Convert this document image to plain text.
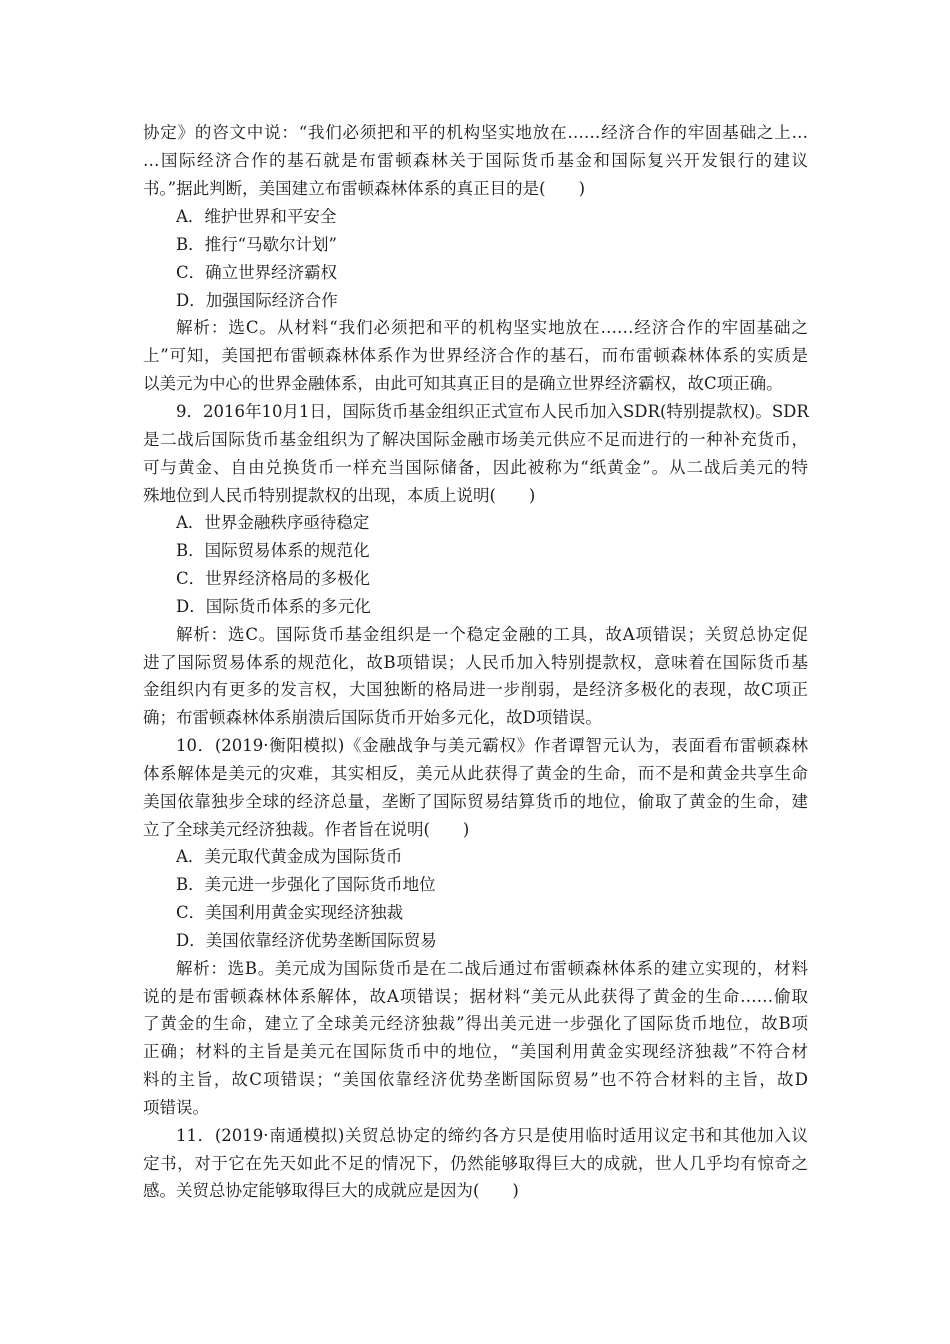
协定》的咨文中说：“我们必须把和平的机构坚实地放在……经济合作的牢固基础之上…
…国际经济合作的基石就是布雷顿森林关于国际货币基金和国际复兴开发银行的建议
书。”据此判断，美国建立布雷顿森林体系的真正目的是(　　)
A．维护世界和平安全
B．推行“马歇尔计划”
C．确立世界经济霸权
D．加强国际经济合作
解析：选C。从材料“我们必须把和平的机构坚实地放在……经济合作的牢固基础之
上”可知，美国把布雷顿森林体系作为世界经济合作的基石，而布雷顿森林体系的实质是
以美元为中心的世界金融体系，由此可知其真正目的是确立世界经济霸权，故C项正确。
9．2016年10月1日，国际货币基金组织正式宣布人民币加入SDR(特别提款权)。SDR
是二战后国际货币基金组织为了解决国际金融市场美元供应不足而进行的一种补充货币，
可与黄金、自由兑换货币一样充当国际储备，因此被称为“纸黄金”。从二战后美元的特
殊地位到人民币特别提款权的出现，本质上说明(　　)
A．世界金融秩序亟待稳定
B．国际贸易体系的规范化
C．世界经济格局的多极化
D．国际货币体系的多元化
解析：选C。国际货币基金组织是一个稳定金融的工具，故A项错误；关贸总协定促
进了国际贸易体系的规范化，故B项错误；人民币加入特别提款权，意味着在国际货币基
金组织内有更多的发言权，大国独断的格局进一步削弱，是经济多极化的表现，故C项正
确；布雷顿森林体系崩溃后国际货币开始多元化，故D项错误。
10．(2019·衡阳模拟)《金融战争与美元霸权》作者谭智元认为，表面看布雷顿森林
体系解体是美元的灾难，其实相反，美元从此获得了黄金的生命，而不是和黄金共享生命
美国依靠独步全球的经济总量，垄断了国际贸易结算货币的地位，偷取了黄金的生命，建
立了全球美元经济独裁。作者旨在说明(　　)
A．美元取代黄金成为国际货币
B．美元进一步强化了国际货币地位
C．美国利用黄金实现经济独裁
D．美国依靠经济优势垄断国际贸易
解析：选B。美元成为国际货币是在二战后通过布雷顿森林体系的建立实现的，材料
说的是布雷顿森林体系解体，故A项错误；据材料“美元从此获得了黄金的生命……偷取
了黄金的生命，建立了全球美元经济独裁”得出美元进一步强化了国际货币地位，故B项
正确；材料的主旨是美元在国际货币中的地位，“美国利用黄金实现经济独裁”不符合材
料的主旨，故C项错误；“美国依靠经济优势垄断国际贸易”也不符合材料的主旨，故D
项错误。
11．(2019·南通模拟)关贸总协定的缔约各方只是使用临时适用议定书和其他加入议
定书，对于它在先天如此不足的情况下，仍然能够取得巨大的成就，世人几乎均有惊奇之
感。关贸总协定能够取得巨大的成就应是因为(　　)
